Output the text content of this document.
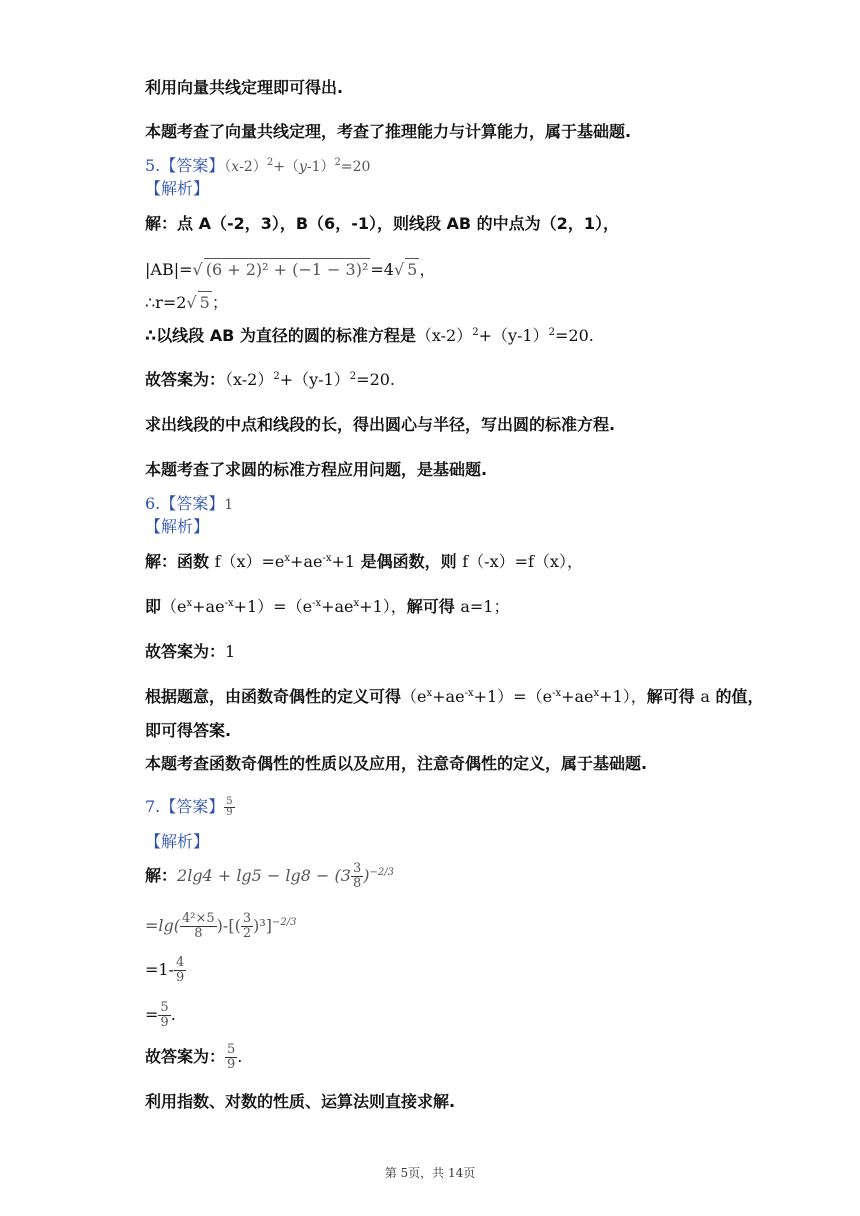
利用向量共线定理即可得出.
本题考查了向量共线定理，考查了推理能力与计算能力，属于基础题.
5.【答案】$(x-2)^2+(y-1)^2=20$
【解析】
解：点 A（-2，3），B（6，-1），则线段 AB 的中点为（2，1），
|AB|=√ (6 + 2)² + (−1 − 3)² =4√ 5 ，
∴r=2√ 5 ；
∴以线段 AB 为直径的圆的标准方程是$(x-2)^2+(y-1)^2=20$.
故答案为：$(x-2)^2+(y-1)^2=20$.
求出线段的中点和线段的长，得出圆心与半径，写出圆的标准方程.
本题考查了求圆的标准方程应用问题，是基础题.
6.【答案】1
【解析】
解：函数 $f(x)=e^x+ae^{-x}+1$ 是偶函数，则 f（-x）=f（x），
即$(e^x+ae^{-x}+1)=(e^{-x}+ae^x+1)$，解可得 a=1；
故答案为：1
根据题意，由函数奇偶性的定义可得$(e^x+ae^{-x}+1)=(e^{-x}+ae^x+1)$，解可得 a 的值，
即可得答案.
本题考查函数奇偶性的性质以及应用，注意奇偶性的定义，属于基础题.
7.【答案】 $\frac{5}{9}$
【解析】
解：$2\lg 4 + \lg 5 - \lg 8 - (3 \frac{3}{8} )^{-2/3}$
$=\lg( \frac{\text{4²×5}}{8}$ )-[( $\frac{3}{2} )^3]^{-2/3}$
$=1- \frac{4}{9}$
= $\frac{5}{9}$ .
故答案为： $\frac{5}{9}$ .
利用指数、对数的性质、运算法则直接求解.
第 5页，共 14页
